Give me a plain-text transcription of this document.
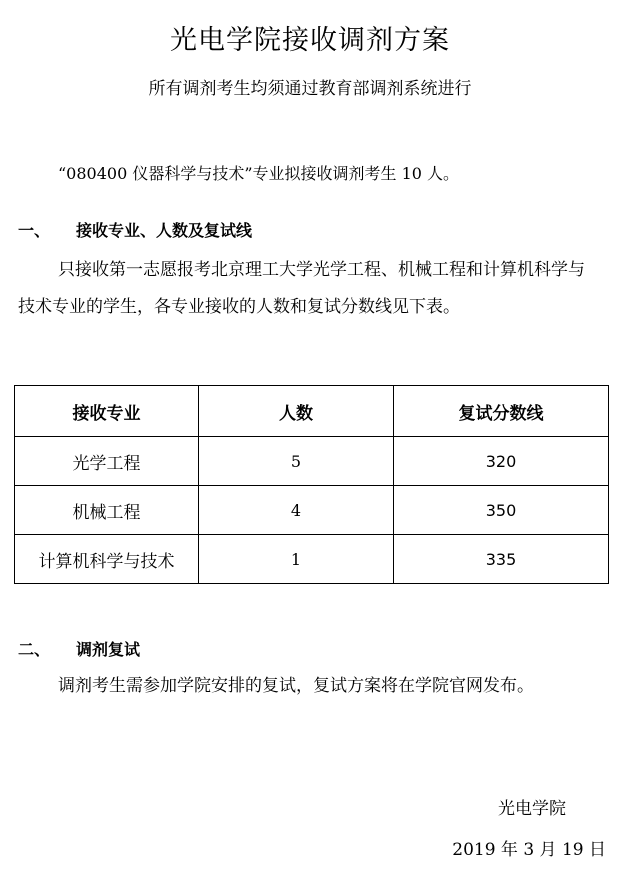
光电学院接收调剂方案
所有调剂考生均须通过教育部调剂系统进行
“080400 仪器科学与技术”专业拟接收调剂考生 10 人。
一、 接收专业、人数及复试线
只接收第一志愿报考北京理工大学光学工程、机械工程和计算机科学与技术专业的学生，各专业接收的人数和复试分数线见下表。
接收专业	人数	复试分数线
光学工程	5	320
机械工程	4	350
计算机科学与技术	1	335
二、 调剂复试
调剂考生需参加学院安排的复试，复试方案将在学院官网发布。
光电学院
2019 年 3 月 19 日
